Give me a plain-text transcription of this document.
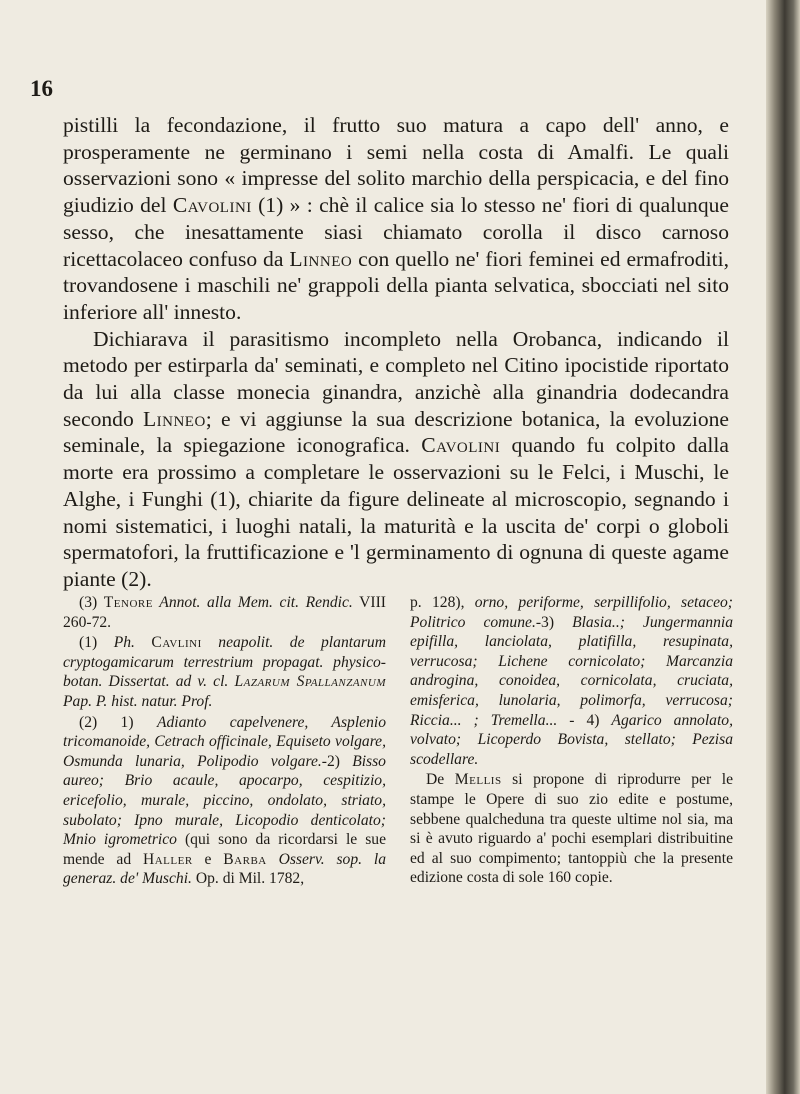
16

pistilli la fecondazione, il frutto suo matura a capo dell' anno, e prosperamente ne germinano i semi nella costa di Amalfi. Le quali osservazioni sono « impresse del solito marchio della perspicacia, e del fino giudizio del Cavolini (1) » : chè il calice sia lo stesso ne' fiori di qualunque sesso, che inesattamente siasi chiamato corolla il disco carnoso ricettacolaceo confuso da Linneo con quello ne' fiori feminei ed ermafroditi, trovandosene i maschili ne' grappoli della pianta selvatica, sbocciati nel sito inferiore all' innesto.

Dichiarava il parasitismo incompleto nella Orobanca, indicando il metodo per estirparla da' seminati, e completo nel Citino ipocistide riportato da lui alla classe monecia ginandra, anzichè alla ginandria dodecandra secondo Linneo; e vi aggiunse la sua descrizione botanica, la evoluzione seminale, la spiegazione iconografica. Cavolini quando fu colpito dalla morte era prossimo a completare le osservazioni su le Felci, i Muschi, le Alghe, i Funghi (1), chiarite da figure delineate al microscopio, segnando i nomi sistematici, i luoghi natali, la maturità e la uscita de' corpi o globoli spermatofori, la fruttificazione e 'l germinamento di ognuna di queste agame piante (2).

(3) Tenore Annot. alla Mem. cit. Rendic. VIII 260-72.

(1) Ph. Cavlini neapolit. de plantarum cryptogamicarum terrestrium propagat. physico-botan. Dissertat. ad v. cl. Lazarum Spallanzanum Pap. P. hist. natur. Prof.

(2) 1) Adianto capelvenere, Asplenio tricomanoide, Cetrach officinale, Equiseto volgare, Osmunda lunaria, Polipodio volgare.-2) Bisso aureo; Brio acaule, apocarpo, cespitizio, ericefolio, murale, piccino, ondolato, striato, subolato; Ipno murale, Licopodio denticolato; Mnio igrometrico (qui sono da ricordarsi le sue mende ad Haller e Barba Osserv. sop. la generaz. de' Muschi. Op. di Mil. 1782,

p. 128), orno, periforme, serpillifolio, setaceo; Politrico comune.-3) Blasia..; Jungermannia epifilla, lanciolata, platifilla, resupinata, verrucosa; Lichene cornicolato; Marcanzia androgina, conoidea, cornicolata, cruciata, emisferica, lunolaria, polimorfa, verrucosa; Riccia... ; Tremella... - 4) Agarico annolato, volvato; Licoperdo Bovista, stellato; Pezisa scodellare.

De Mellis si propone di riprodurre per le stampe le Opere di suo zio edite e postume, sebbene qualcheduna tra queste ultime nol sia, ma si è avuto riguardo a' pochi esemplari distribuitine ed al suo compimento; tantoppiù che la presente edizione costa di sole 160 copie.
